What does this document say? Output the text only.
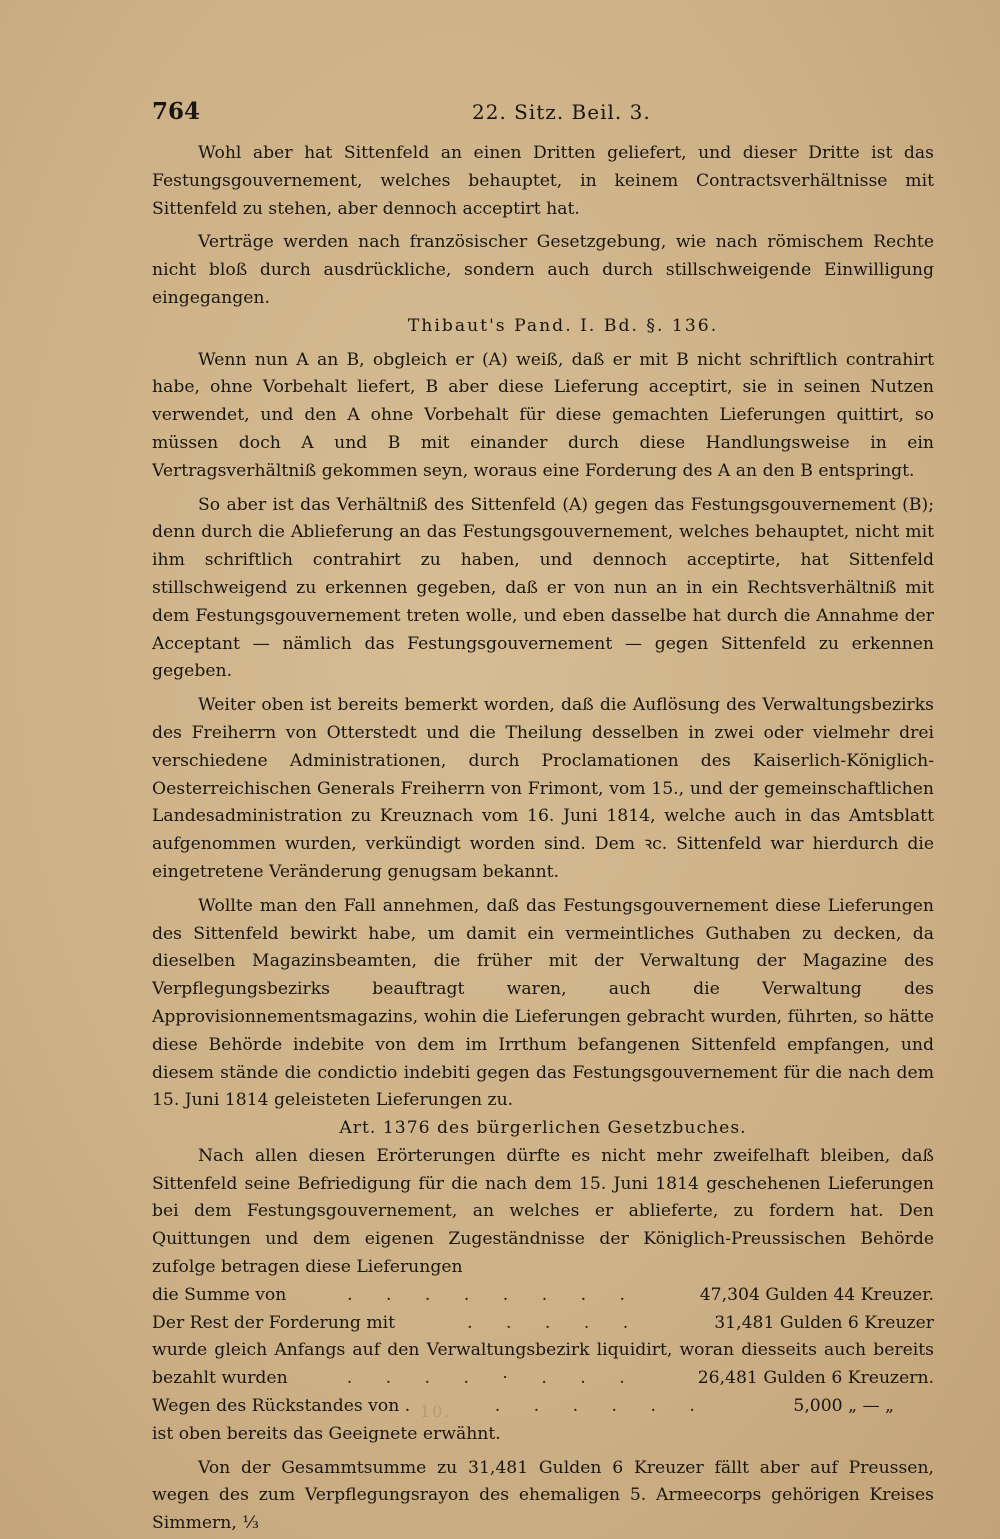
764	22. Sitz. Beil. 3.

Wohl aber hat Sittenfeld an einen Dritten geliefert, und dieser Dritte ist das Festungsgouvernement, welches behauptet, in keinem Contractsverhältnisse mit Sittenfeld zu stehen, aber dennoch acceptirt hat.

Verträge werden nach französischer Gesetzgebung, wie nach römischem Rechte nicht bloß durch ausdrückliche, sondern auch durch stillschweigende Einwilligung eingegangen.

Thibaut's Pand. I. Bd. §. 136.

Wenn nun A an B, obgleich er (A) weiß, daß er mit B nicht schriftlich contrahirt habe, ohne Vorbehalt liefert, B aber diese Lieferung acceptirt, sie in seinen Nutzen verwendet, und den A ohne Vorbehalt für diese gemachten Lieferungen quittirt, so müssen doch A und B mit einander durch diese Handlungsweise in ein Vertragsverhältniß gekommen seyn, woraus eine Forderung des A an den B entspringt.

So aber ist das Verhältniß des Sittenfeld (A) gegen das Festungsgouvernement (B); denn durch die Ablieferung an das Festungsgouvernement, welches behauptet, nicht mit ihm schriftlich contrahirt zu haben, und dennoch acceptirte, hat Sittenfeld stillschweigend zu erkennen gegeben, daß er von nun an in ein Rechtsverhältniß mit dem Festungsgouvernement treten wolle, und eben dasselbe hat durch die Annahme der Acceptant — nämlich das Festungsgouvernement — gegen Sittenfeld zu erkennen gegeben.

Weiter oben ist bereits bemerkt worden, daß die Auflösung des Verwaltungsbezirks des Freiherrn von Otterstedt und die Theilung desselben in zwei oder vielmehr drei verschiedene Administrationen, durch Proclamationen des Kaiserlich-Königlich-Oesterreichischen Generals Freiherrn von Frimont, vom 15., und der gemeinschaftlichen Landesadministration zu Kreuznach vom 16. Juni 1814, welche auch in das Amtsblatt aufgenommen wurden, verkündigt worden sind. Dem ꝛc. Sittenfeld war hierdurch die eingetretene Veränderung genugsam bekannt.

Wollte man den Fall annehmen, daß das Festungsgouvernement diese Lieferungen des Sittenfeld bewirkt habe, um damit ein vermeintliches Guthaben zu decken, da dieselben Magazinsbeamten, die früher mit der Verwaltung der Magazine des Verpflegungsbezirks beauftragt waren, auch die Verwaltung des Approvisionnementsmagazins, wohin die Lieferungen gebracht wurden, führten, so hätte diese Behörde indebite von dem im Irrthum befangenen Sittenfeld empfangen, und diesem stände die condictio indebiti gegen das Festungsgouvernement für die nach dem 15. Juni 1814 geleisteten Lieferungen zu.

Art. 1376 des bürgerlichen Gesetzbuches.

Nach allen diesen Erörterungen dürfte es nicht mehr zweifelhaft bleiben, daß Sittenfeld seine Befriedigung für die nach dem 15. Juni 1814 geschehenen Lieferungen bei dem Festungsgouvernement, an welches er ablieferte, zu fordern hat. Den Quittungen und dem eigenen Zugeständnisse der Königlich-Preussischen Behörde zufolge betragen diese Lieferungen

die Summe von	. . . . . . . .	47,304 Gulden 44 Kreuzer.
Der Rest der Forderung mit	. . . . .	31,481 Gulden 6 Kreuzer
wurde gleich Anfangs auf den Verwaltungsbezirk liquidirt, woran diesseits auch bereits
bezahlt wurden	. . . . · . . .	26,481 Gulden 6 Kreuzern.
Wegen des Rückstandes von .	. . . . . .	5,000 „ — „
ist oben bereits das Geeignete erwähnt.

Von der Gesammtsumme zu 31,481 Gulden 6 Kreuzer fällt aber auf Preussen, wegen des zum Verpflegungsrayon des ehemaligen 5. Armeecorps gehörigen Kreises Simmern, ⅓

10.
